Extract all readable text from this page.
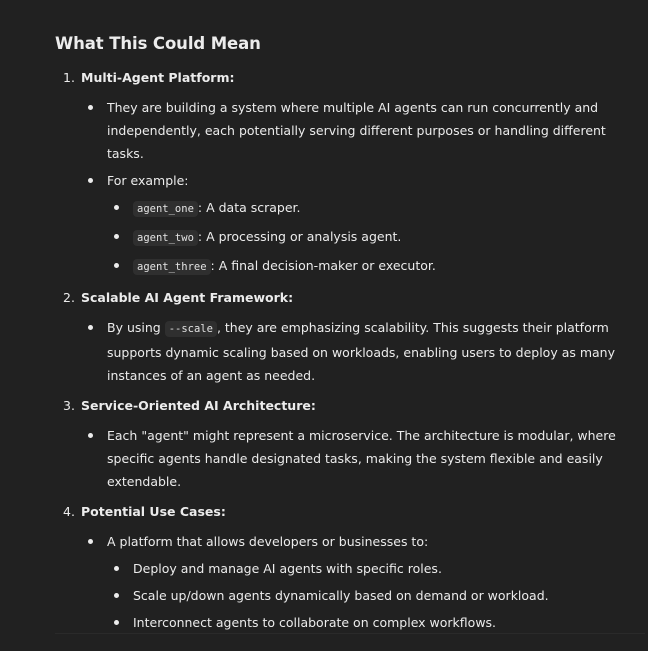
What This Could Mean
1. Multi-Agent Platform:
They are building a system where multiple AI agents can run concurrently and independently, each potentially serving different purposes or handling different tasks.
For example:
agent_one : A data scraper.
agent_two : A processing or analysis agent.
agent_three : A final decision-maker or executor.
2. Scalable AI Agent Framework:
By using --scale , they are emphasizing scalability. This suggests their platform supports dynamic scaling based on workloads, enabling users to deploy as many instances of an agent as needed.
3. Service-Oriented AI Architecture:
Each "agent" might represent a microservice. The architecture is modular, where specific agents handle designated tasks, making the system flexible and easily extendable.
4. Potential Use Cases:
A platform that allows developers or businesses to:
Deploy and manage AI agents with specific roles.
Scale up/down agents dynamically based on demand or workload.
Interconnect agents to collaborate on complex workflows.
